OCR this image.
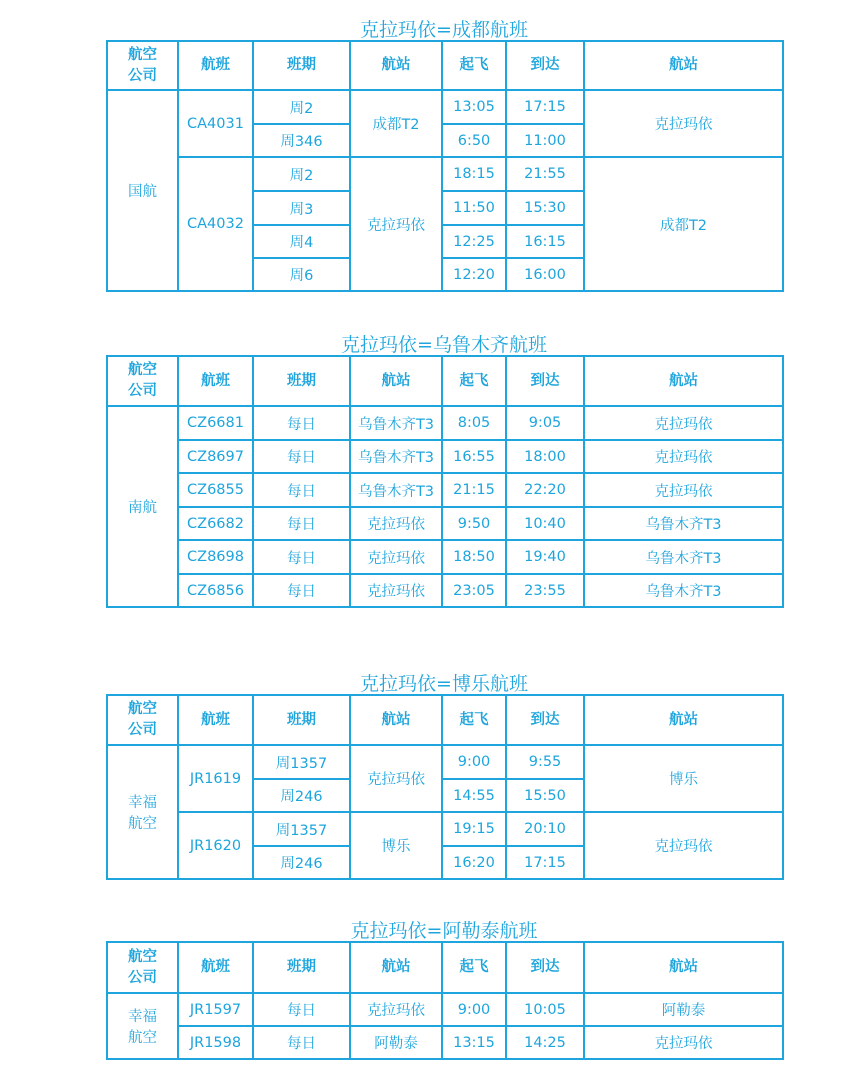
克拉玛依=成都航班
航空
公司	航班	班期	航站	起飞	到达	航站
国航	CA4031	周2	成都T2	13:05	17:15	克拉玛依
		周346		6:50	11:00	
	CA4032	周2	克拉玛依	18:15	21:55	成都T2
		周3		11:50	15:30	
		周4		12:25	16:15	
		周6		12:20	16:00	
克拉玛依=乌鲁木齐航班
航空
公司	航班	班期	航站	起飞	到达	航站
南航	CZ6681	每日	乌鲁木齐T3	8:05	9:05	克拉玛依
	CZ8697	每日	乌鲁木齐T3	16:55	18:00	克拉玛依
	CZ6855	每日	乌鲁木齐T3	21:15	22:20	克拉玛依
	CZ6682	每日	克拉玛依	9:50	10:40	乌鲁木齐T3
	CZ8698	每日	克拉玛依	18:50	19:40	乌鲁木齐T3
	CZ6856	每日	克拉玛依	23:05	23:55	乌鲁木齐T3
克拉玛依=博乐航班
航空
公司	航班	班期	航站	起飞	到达	航站
幸福
航空	JR1619	周1357	克拉玛依	9:00	9:55	博乐
		周246		14:55	15:50	
	JR1620	周1357	博乐	19:15	20:10	克拉玛依
		周246		16:20	17:15	
克拉玛依=阿勒泰航班
航空
公司	航班	班期	航站	起飞	到达	航站
幸福
航空	JR1597	每日	克拉玛依	9:00	10:05	阿勒泰
	JR1598	每日	阿勒泰	13:15	14:25	克拉玛依
